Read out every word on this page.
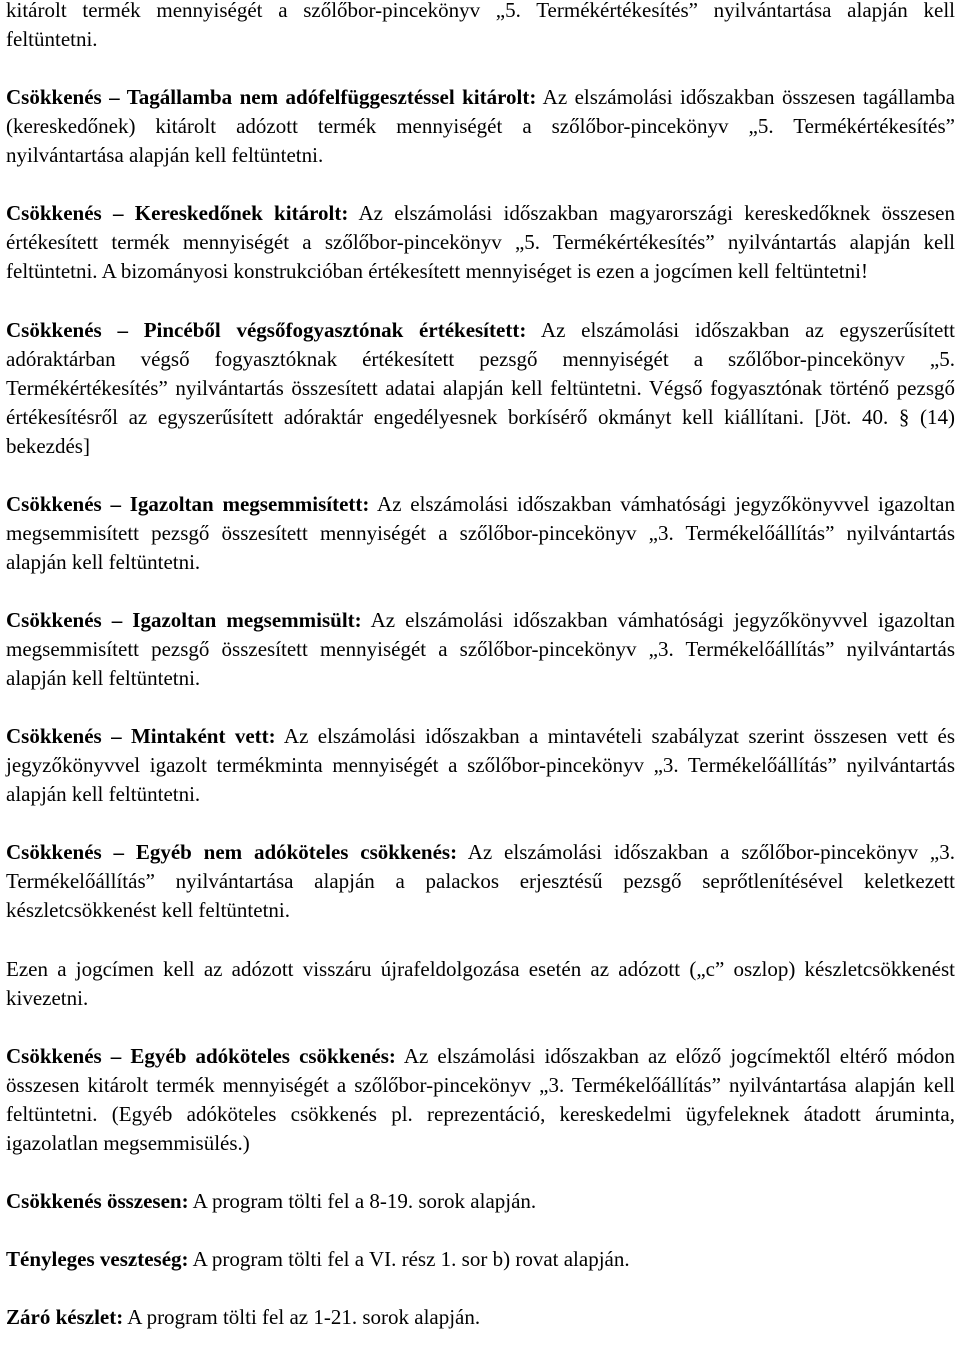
kitárolt termék mennyiségét a szőlőbor-pincekönyv „5. Termékértékesítés” nyilvántartása alapján kell feltüntetni.

Csökkenés – Tagállamba nem adófelfüggesztéssel kitárolt: Az elszámolási időszakban összesen tagállamba (kereskedőnek) kitárolt adózott termék mennyiségét a szőlőbor-pincekönyv „5. Termékértékesítés” nyilvántartása alapján kell feltüntetni.

Csökkenés – Kereskedőnek kitárolt: Az elszámolási időszakban magyarországi kereskedőknek összesen értékesített termék mennyiségét a szőlőbor-pincekönyv „5. Termékértékesítés” nyilvántartás alapján kell feltüntetni. A bizományosi konstrukcióban értékesített mennyiséget is ezen a jogcímen kell feltüntetni!

Csökkenés – Pincéből végsőfogyasztónak értékesített: Az elszámolási időszakban az egyszerűsített adóraktárban végső fogyasztóknak értékesített pezsgő mennyiségét a szőlőbor-pincekönyv „5. Termékértékesítés” nyilvántartás összesített adatai alapján kell feltüntetni. Végső fogyasztónak történő pezsgő értékesítésről az egyszerűsített adóraktár engedélyesnek borkísérő okmányt kell kiállítani. [Jöt. 40. § (14) bekezdés]

Csökkenés – Igazoltan megsemmisített: Az elszámolási időszakban vámhatósági jegyzőkönyvvel igazoltan megsemmisített pezsgő összesített mennyiségét a szőlőbor-pincekönyv „3. Termékelőállítás” nyilvántartás alapján kell feltüntetni.

Csökkenés – Igazoltan megsemmisült: Az elszámolási időszakban vámhatósági jegyzőkönyvvel igazoltan megsemmisített pezsgő összesített mennyiségét a szőlőbor-pincekönyv „3. Termékelőállítás” nyilvántartás alapján kell feltüntetni.

Csökkenés – Mintaként vett: Az elszámolási időszakban a mintavételi szabályzat szerint összesen vett és jegyzőkönyvvel igazolt termékminta mennyiségét a szőlőbor-pincekönyv „3. Termékelőállítás” nyilvántartás alapján kell feltüntetni.

Csökkenés – Egyéb nem adóköteles csökkenés: Az elszámolási időszakban a szőlőbor-pincekönyv „3. Termékelőállítás” nyilvántartása alapján a palackos erjesztésű pezsgő seprőtlenítésével keletkezett készletcsökkenést kell feltüntetni.

Ezen a jogcímen kell az adózott visszáru újrafeldolgozása esetén az adózott („c” oszlop) készletcsökkenést kivezetni.

Csökkenés – Egyéb adóköteles csökkenés: Az elszámolási időszakban az előző jogcímektől eltérő módon összesen kitárolt termék mennyiségét a szőlőbor-pincekönyv „3. Termékelőállítás” nyilvántartása alapján kell feltüntetni. (Egyéb adóköteles csökkenés pl. reprezentáció, kereskedelmi ügyfeleknek átadott áruminta, igazolatlan megsemmisülés.)

Csökkenés összesen: A program tölti fel a 8-19. sorok alapján.

Tényleges veszteség: A program tölti fel a VI. rész 1. sor b) rovat alapján.

Záró készlet: A program tölti fel az 1-21. sorok alapján.
